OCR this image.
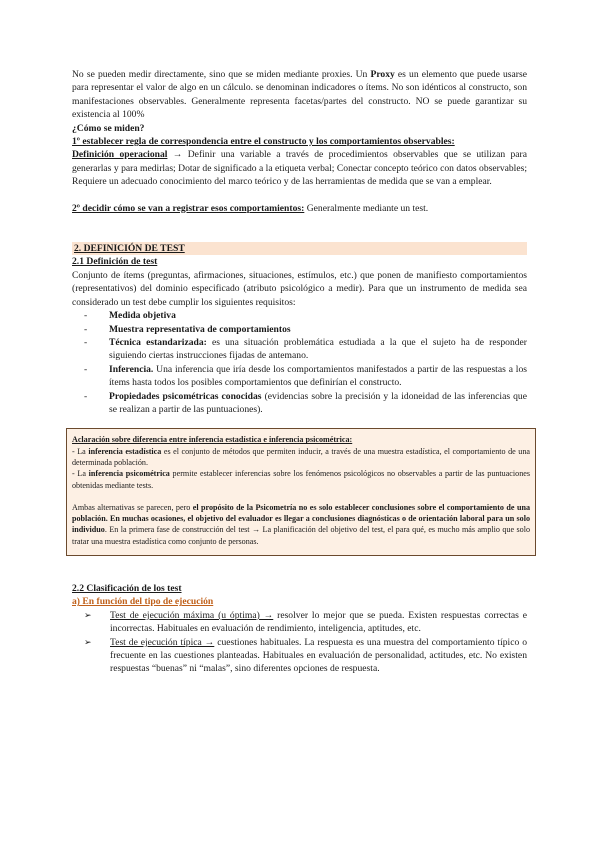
No se pueden medir directamente, sino que se miden mediante proxies. Un Proxy es un elemento que puede usarse para representar el valor de algo en un cálculo. se denominan indicadores o ítems. No son idénticos al constructo, son manifestaciones observables. Generalmente representa facetas/partes del constructo. NO se puede garantizar su existencia al 100%

¿Cómo se miden?

1º establecer regla de correspondencia entre el constructo y los comportamientos observables:

Definición operacional → Definir una variable a través de procedimientos observables que se utilizan para generarlas y para medirlas; Dotar de significado a la etiqueta verbal; Conectar concepto teórico con datos observables; Requiere un adecuado conocimiento del marco teórico y de las herramientas de medida que se van a emplear.

2º decidir cómo se van a registrar esos comportamientos: Generalmente mediante un test.

2. DEFINICIÓN DE TEST

2.1 Definición de test

Conjunto de ítems (preguntas, afirmaciones, situaciones, estímulos, etc.) que ponen de manifiesto comportamientos (representativos) del dominio especificado (atributo psicológico a medir). Para que un instrumento de medida sea considerado un test debe cumplir los siguientes requisitos:

- Medida objetiva
- Muestra representativa de comportamientos
- Técnica estandarizada: es una situación problemática estudiada a la que el sujeto ha de responder siguiendo ciertas instrucciones fijadas de antemano.
- Inferencia. Una inferencia que iría desde los comportamientos manifestados a partir de las respuestas a los ítems hasta todos los posibles comportamientos que definirían el constructo.
- Propiedades psicométricas conocidas (evidencias sobre la precisión y la idoneidad de las inferencias que se realizan a partir de las puntuaciones).

Aclaración sobre diferencia entre inferencia estadística e inferencia psicométrica:

- La inferencia estadística es el conjunto de métodos que permiten inducir, a través de una muestra estadística, el comportamiento de una determinada población.

- La inferencia psicométrica permite establecer inferencias sobre los fenómenos psicológicos no observables a partir de las puntuaciones obtenidas mediante tests.

Ambas alternativas se parecen, pero el propósito de la Psicometría no es solo establecer conclusiones sobre el comportamiento de una población. En muchas ocasiones, el objetivo del evaluador es llegar a conclusiones diagnósticas o de orientación laboral para un solo individuo. En la primera fase de construcción del test → La planificación del objetivo del test, el para qué, es mucho más amplio que solo tratar una muestra estadística como conjunto de personas.

2.2 Clasificación de los test

a) En función del tipo de ejecución

➢ Test de ejecución máxima (u óptima) → resolver lo mejor que se pueda. Existen respuestas correctas e incorrectas. Habituales en evaluación de rendimiento, inteligencia, aptitudes, etc.
➢ Test de ejecución típica → cuestiones habituales. La respuesta es una muestra del comportamiento típico o frecuente en las cuestiones planteadas. Habituales en evaluación de personalidad, actitudes, etc. No existen respuestas “buenas” ni “malas”, sino diferentes opciones de respuesta.
